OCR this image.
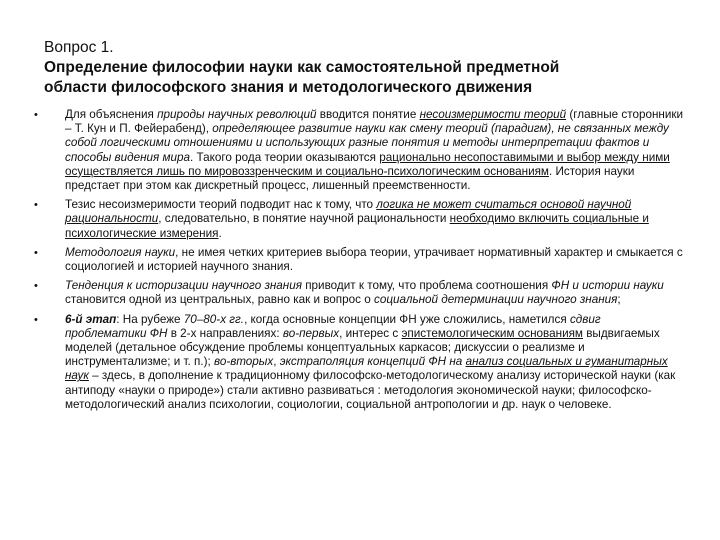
Вопрос 1.

Определение философии науки как самостоятельной предметной

области философского знания и методологического движения

• Для объяснения природы научных революций вводится понятие несоизмеримости теорий (главные сторонники – Т. Кун и П. Фейерабенд), определяющее развитие науки как смену теорий (парадигм), не связанных между собой логическими отношениями и использующих разные понятия и методы интерпретации фактов и способы видения мира. Такого рода теории оказываются рационально несопоставимыми и выбор между ними осуществляется лишь по мировоззренческим и социально-психологическим основаниям. История науки предстает при этом как дискретный процесс, лишенный преемственности.
• Тезис несоизмеримости теорий подводит нас к тому, что логика не может считаться основой научной рациональности, следовательно, в понятие научной рациональности необходимо включить социальные и психологические измерения.
• Методология науки, не имея четких критериев выбора теории, утрачивает нормативный характер и смыкается с социологией и историей научного знания.
• Тенденция к историзации научного знания приводит к тому, что проблема соотношения ФН и истории науки становится одной из центральных, равно как и вопрос о социальной детерминации научного знания;
• 6-й этап: На рубеже 70–80-х гг., когда основные концепции ФН уже сложились, наметился сдвиг проблематики ФН в 2-х направлениях: во-первых, интерес с эпистемологическим основаниям выдвигаемых моделей (детальное обсуждение проблемы концептуальных каркасов; дискуссии о реализме и инструментализме; и т. п.); во-вторых, экстраполяция концепций ФН на анализ социальных и гуманитарных наук – здесь, в дополнение к традиционному философско-методологическому анализу исторической науки (как антиподу «науки о природе») стали активно развиваться : методология экономической науки; философско-методологический анализ психологии, социологии, социальной антропологии и др. наук о человеке.
